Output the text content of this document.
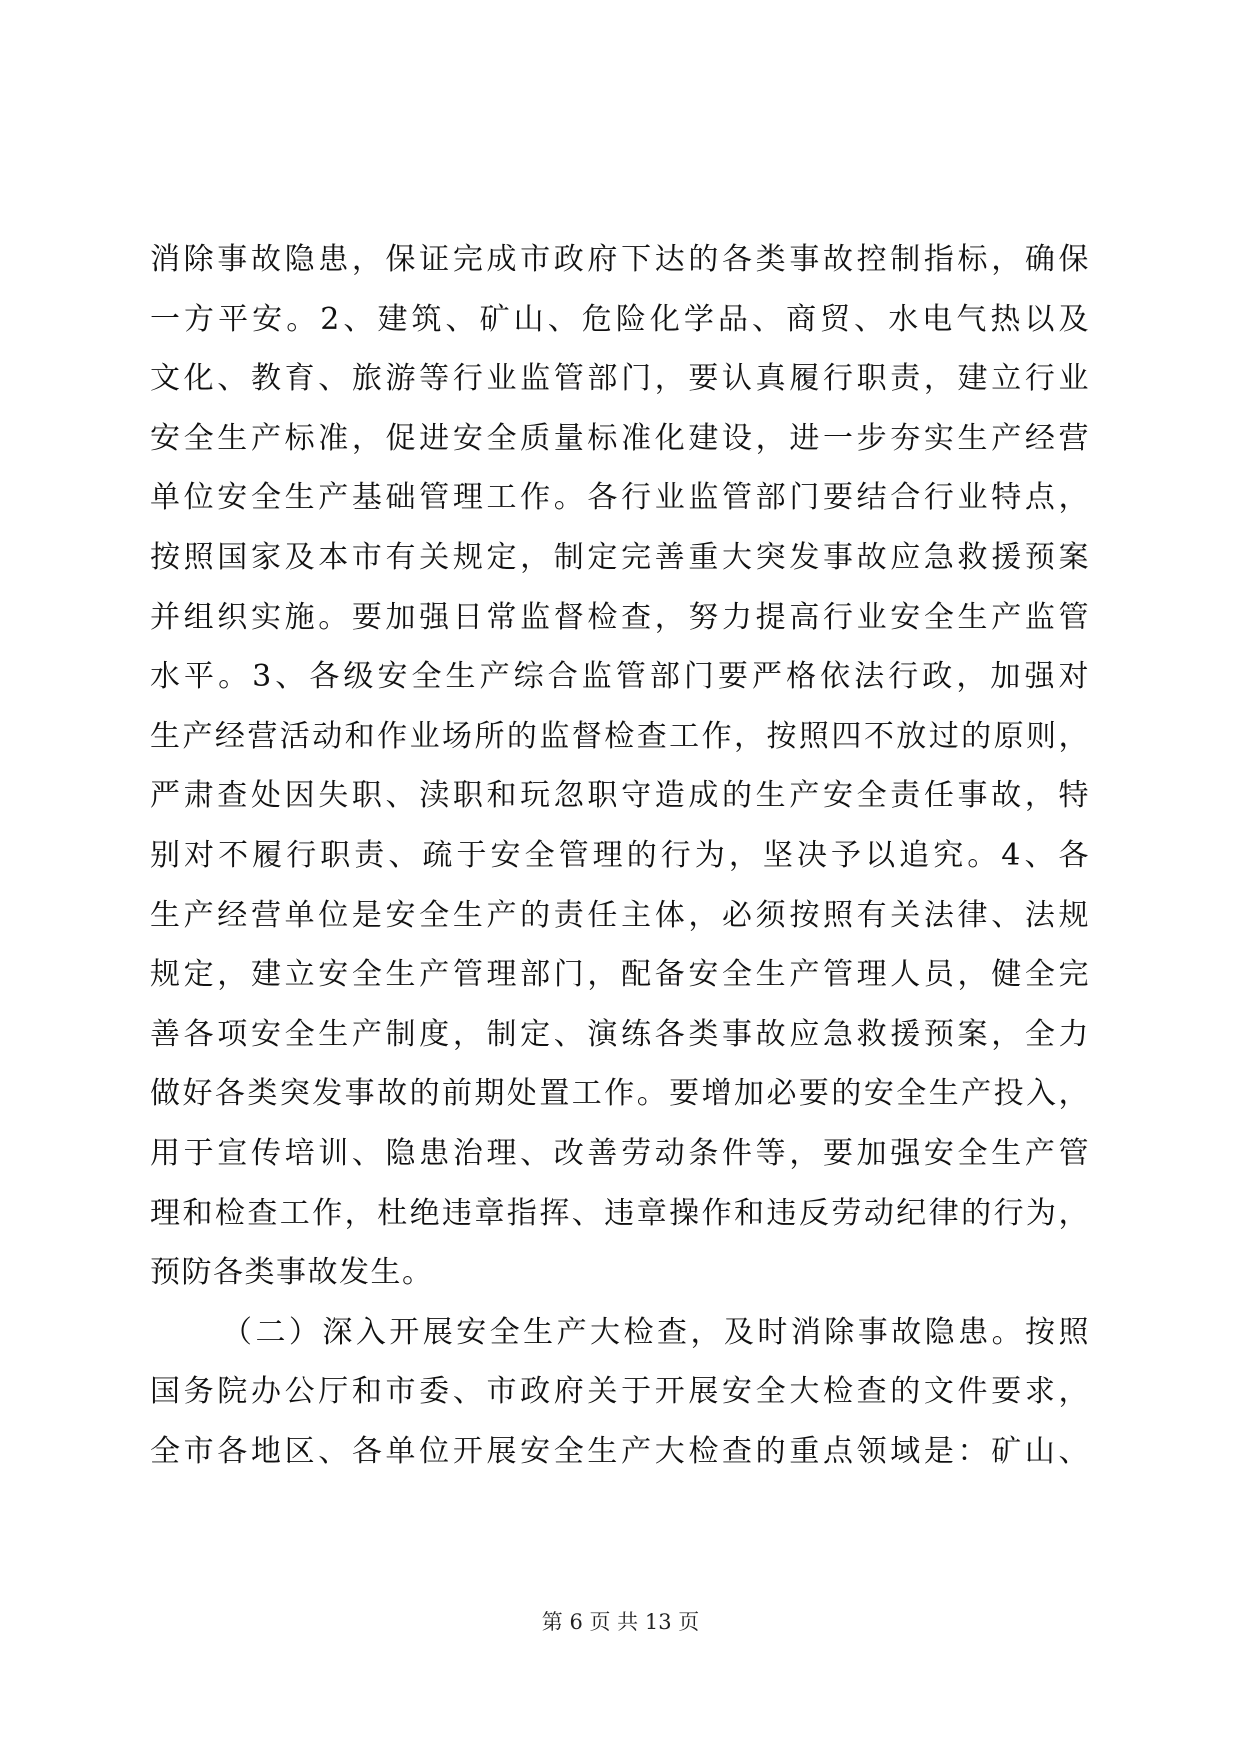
消除事故隐患，保证完成市政府下达的各类事故控制指标，确保
一方平安。2、建筑、矿山、危险化学品、商贸、水电气热以及
文化、教育、旅游等行业监管部门，要认真履行职责，建立行业
安全生产标准，促进安全质量标准化建设，进一步夯实生产经营
单位安全生产基础管理工作。各行业监管部门要结合行业特点，
按照国家及本市有关规定，制定完善重大突发事故应急救援预案
并组织实施。要加强日常监督检查，努力提高行业安全生产监管
水平。3、各级安全生产综合监管部门要严格依法行政，加强对
生产经营活动和作业场所的监督检查工作，按照四不放过的原则，
严肃查处因失职、渎职和玩忽职守造成的生产安全责任事故，特
别对不履行职责、疏于安全管理的行为，坚决予以追究。4、各
生产经营单位是安全生产的责任主体，必须按照有关法律、法规
规定，建立安全生产管理部门，配备安全生产管理人员，健全完
善各项安全生产制度，制定、演练各类事故应急救援预案，全力
做好各类突发事故的前期处置工作。要增加必要的安全生产投入，
用于宣传培训、隐患治理、改善劳动条件等，要加强安全生产管
理和检查工作，杜绝违章指挥、违章操作和违反劳动纪律的行为，
预防各类事故发生。
（二）深入开展安全生产大检查，及时消除事故隐患。按照
国务院办公厅和市委、市政府关于开展安全大检查的文件要求，
全市各地区、各单位开展安全生产大检查的重点领域是：矿山、
第 6 页 共 13 页
